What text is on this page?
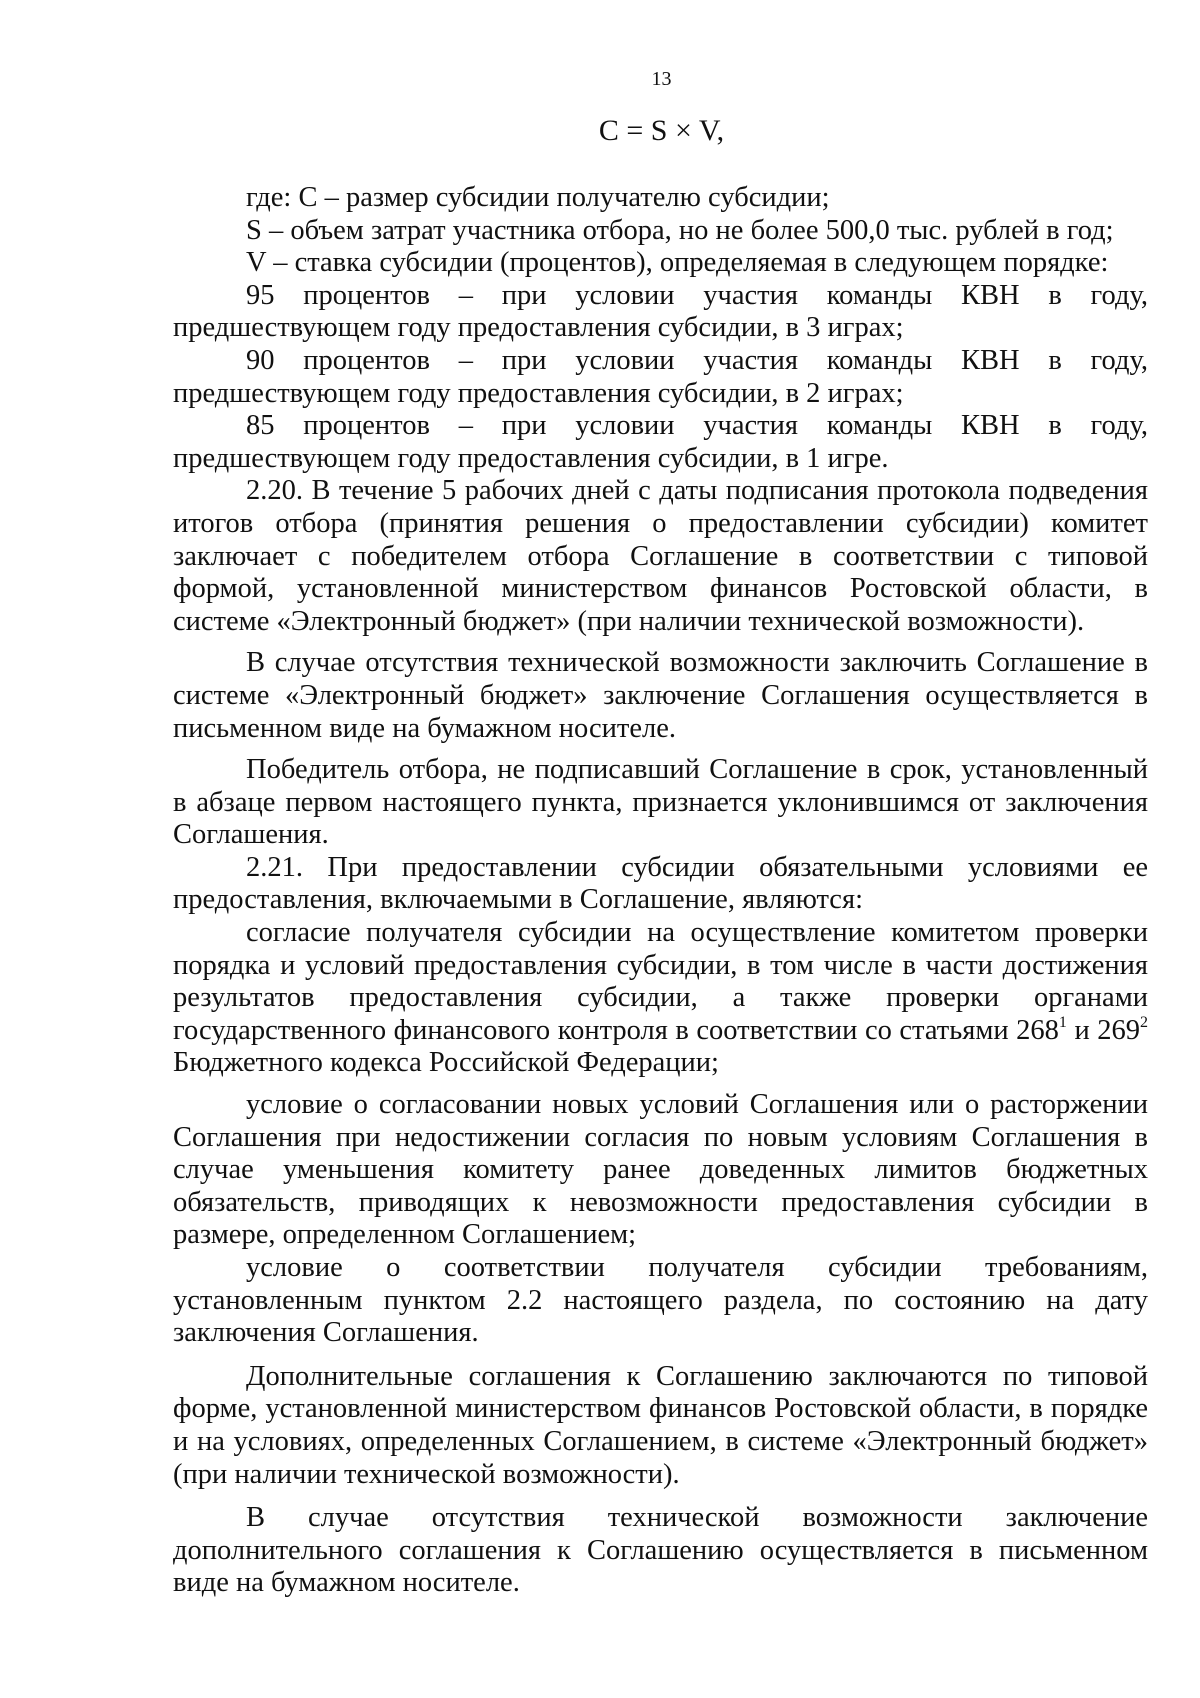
13
C = S × V,

где: С – размер субсидии получателю субсидии;

S – объем затрат участника отбора, но не более 500,0 тыс. рублей в год;

V – ставка субсидии (процентов), определяемая в следующем порядке:

95 процентов – при условии участия команды КВН в году, предшествующем году предоставления субсидии, в 3 играх;

90 процентов – при условии участия команды КВН в году, предшествующем году предоставления субсидии, в 2 играх;

85 процентов – при условии участия команды КВН в году, предшествующем году предоставления субсидии, в 1 игре.

2.20. В течение 5 рабочих дней с даты подписания протокола подведения итогов отбора (принятия решения о предоставлении субсидии) комитет заключает с победителем отбора Соглашение в соответствии с типовой формой, установленной министерством финансов Ростовской области, в системе «Электронный бюджет» (при наличии технической возможности).

В случае отсутствия технической возможности заключить Соглашение в системе «Электронный бюджет» заключение Соглашения осуществляется в письменном виде на бумажном носителе.

Победитель отбора, не подписавший Соглашение в срок, установленный в абзаце первом настоящего пункта, признается уклонившимся от заключения Соглашения.

2.21. При предоставлении субсидии обязательными условиями ее предоставления, включаемыми в Соглашение, являются:

согласие получателя субсидии на осуществление комитетом проверки порядка и условий предоставления субсидии, в том числе в части достижения результатов предоставления субсидии, а также проверки органами государственного финансового контроля в соответствии со статьями $268^1$ и $269^2$ Бюджетного кодекса Российской Федерации;

условие о согласовании новых условий Соглашения или о расторжении Соглашения при недостижении согласия по новым условиям Соглашения в случае уменьшения комитету ранее доведенных лимитов бюджетных обязательств, приводящих к невозможности предоставления субсидии в размере, определенном Соглашением;

условие о соответствии получателя субсидии требованиям, установленным пунктом 2.2 настоящего раздела, по состоянию на дату заключения Соглашения.

Дополнительные соглашения к Соглашению заключаются по типовой форме, установленной министерством финансов Ростовской области, в порядке и на условиях, определенных Соглашением, в системе «Электронный бюджет» (при наличии технической возможности).

В случае отсутствия технической возможности заключение дополнительного соглашения к Соглашению осуществляется в письменном виде на бумажном носителе.
